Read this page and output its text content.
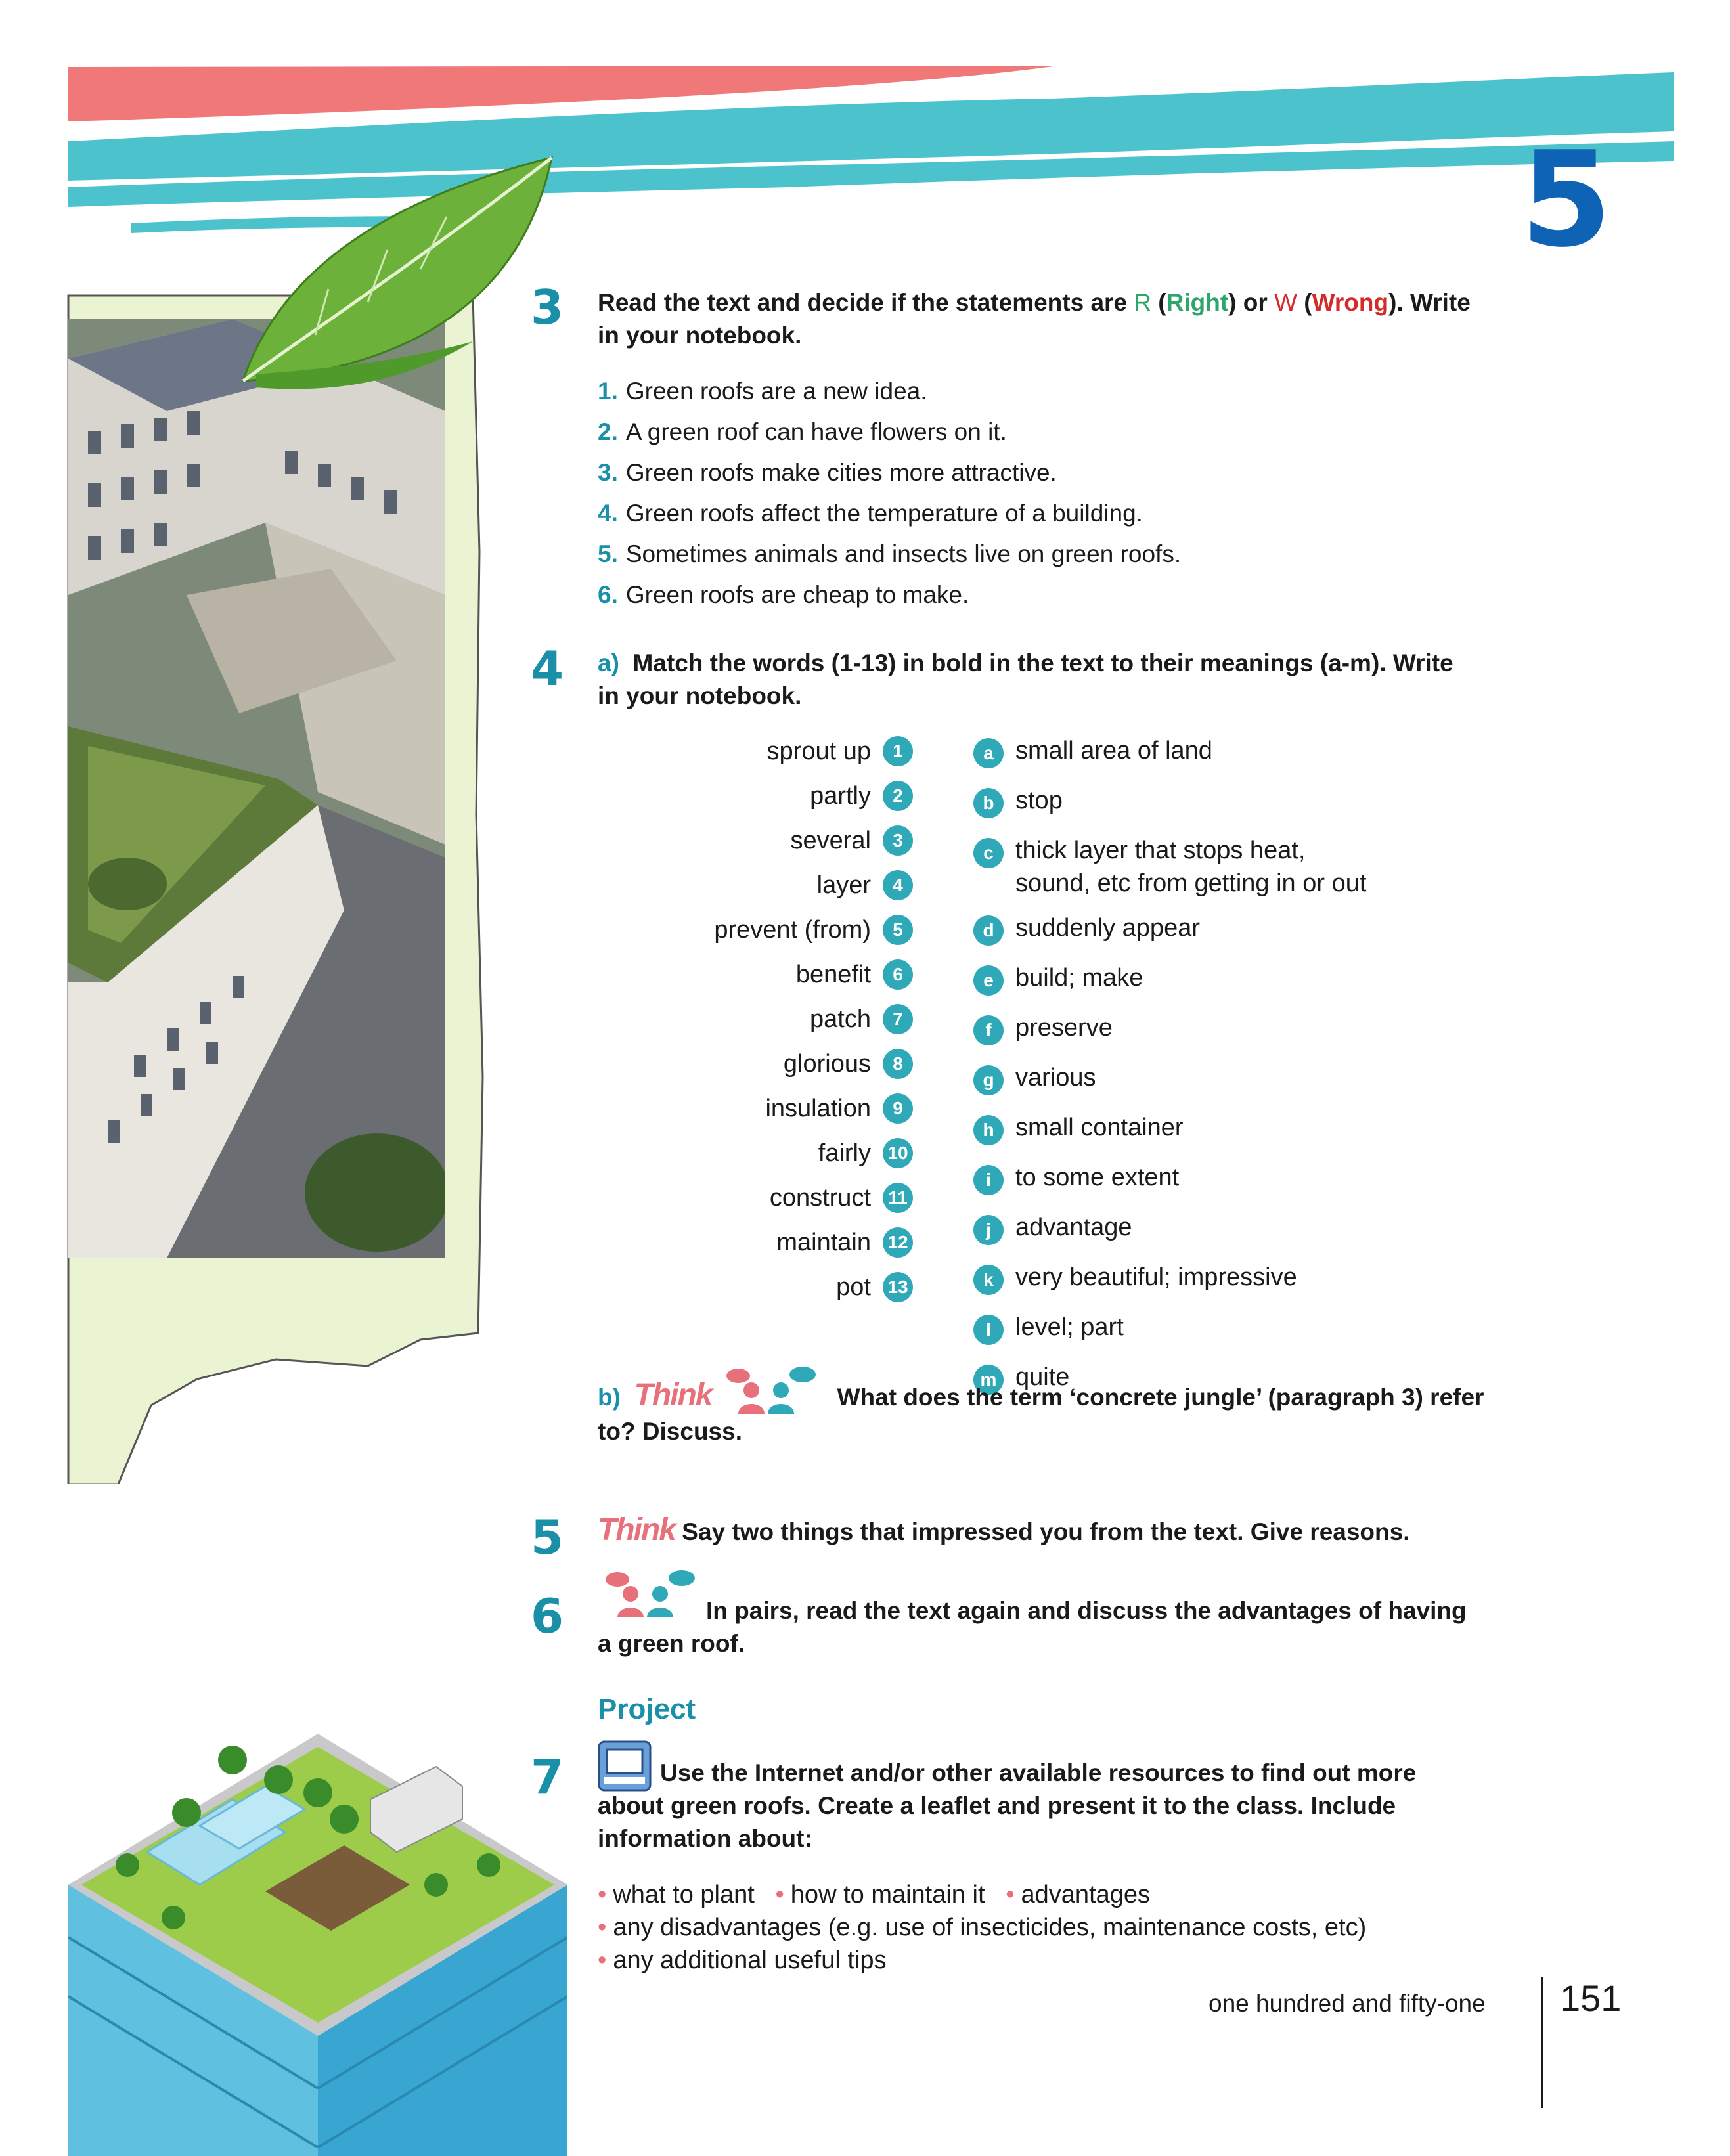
5
3 Read the text and decide if the statements are R (Right) or W (Wrong). Write
in your notebook.
1. Green roofs are a new idea.
2. A green roof can have flowers on it.
3. Green roofs make cities more attractive.
4. Green roofs affect the temperature of a building.
5. Sometimes animals and insects live on green roofs.
6. Green roofs are cheap to make.
4 a) Match the words (1-13) in bold in the text to their meanings (a-m). Write
in your notebook.
sprout up	1
partly	2
several	3
layer	4
prevent (from)	5
benefit	6
patch	7
glorious	8
insulation	9
fairly 10
construct 11
maintain 12
pot 13
a small area of land
b stop
c thick layer that stops heat,
sound, etc from getting in or out
d suddenly appear
e build; make
f preserve
g various
h small container
i to some extent
j advantage
k very beautiful; impressive
l level; part
m quite
b) Think	What does the term ‘concrete jungle’ (paragraph 3) refer
to? Discuss.
5 Think Say two things that impressed you from the text. Give reasons.
6	In pairs, read the text again and discuss the advantages of having
a green roof.
Project
7	Use the Internet and/or other available resources to find out more
about green roofs. Create a leaflet and present it to the class. Include
information about:
• what to plant • how to maintain it • advantages
• any disadvantages (e.g. use of insecticides, maintenance costs, etc)
• any additional useful tips
one hundred and fifty-one 151
